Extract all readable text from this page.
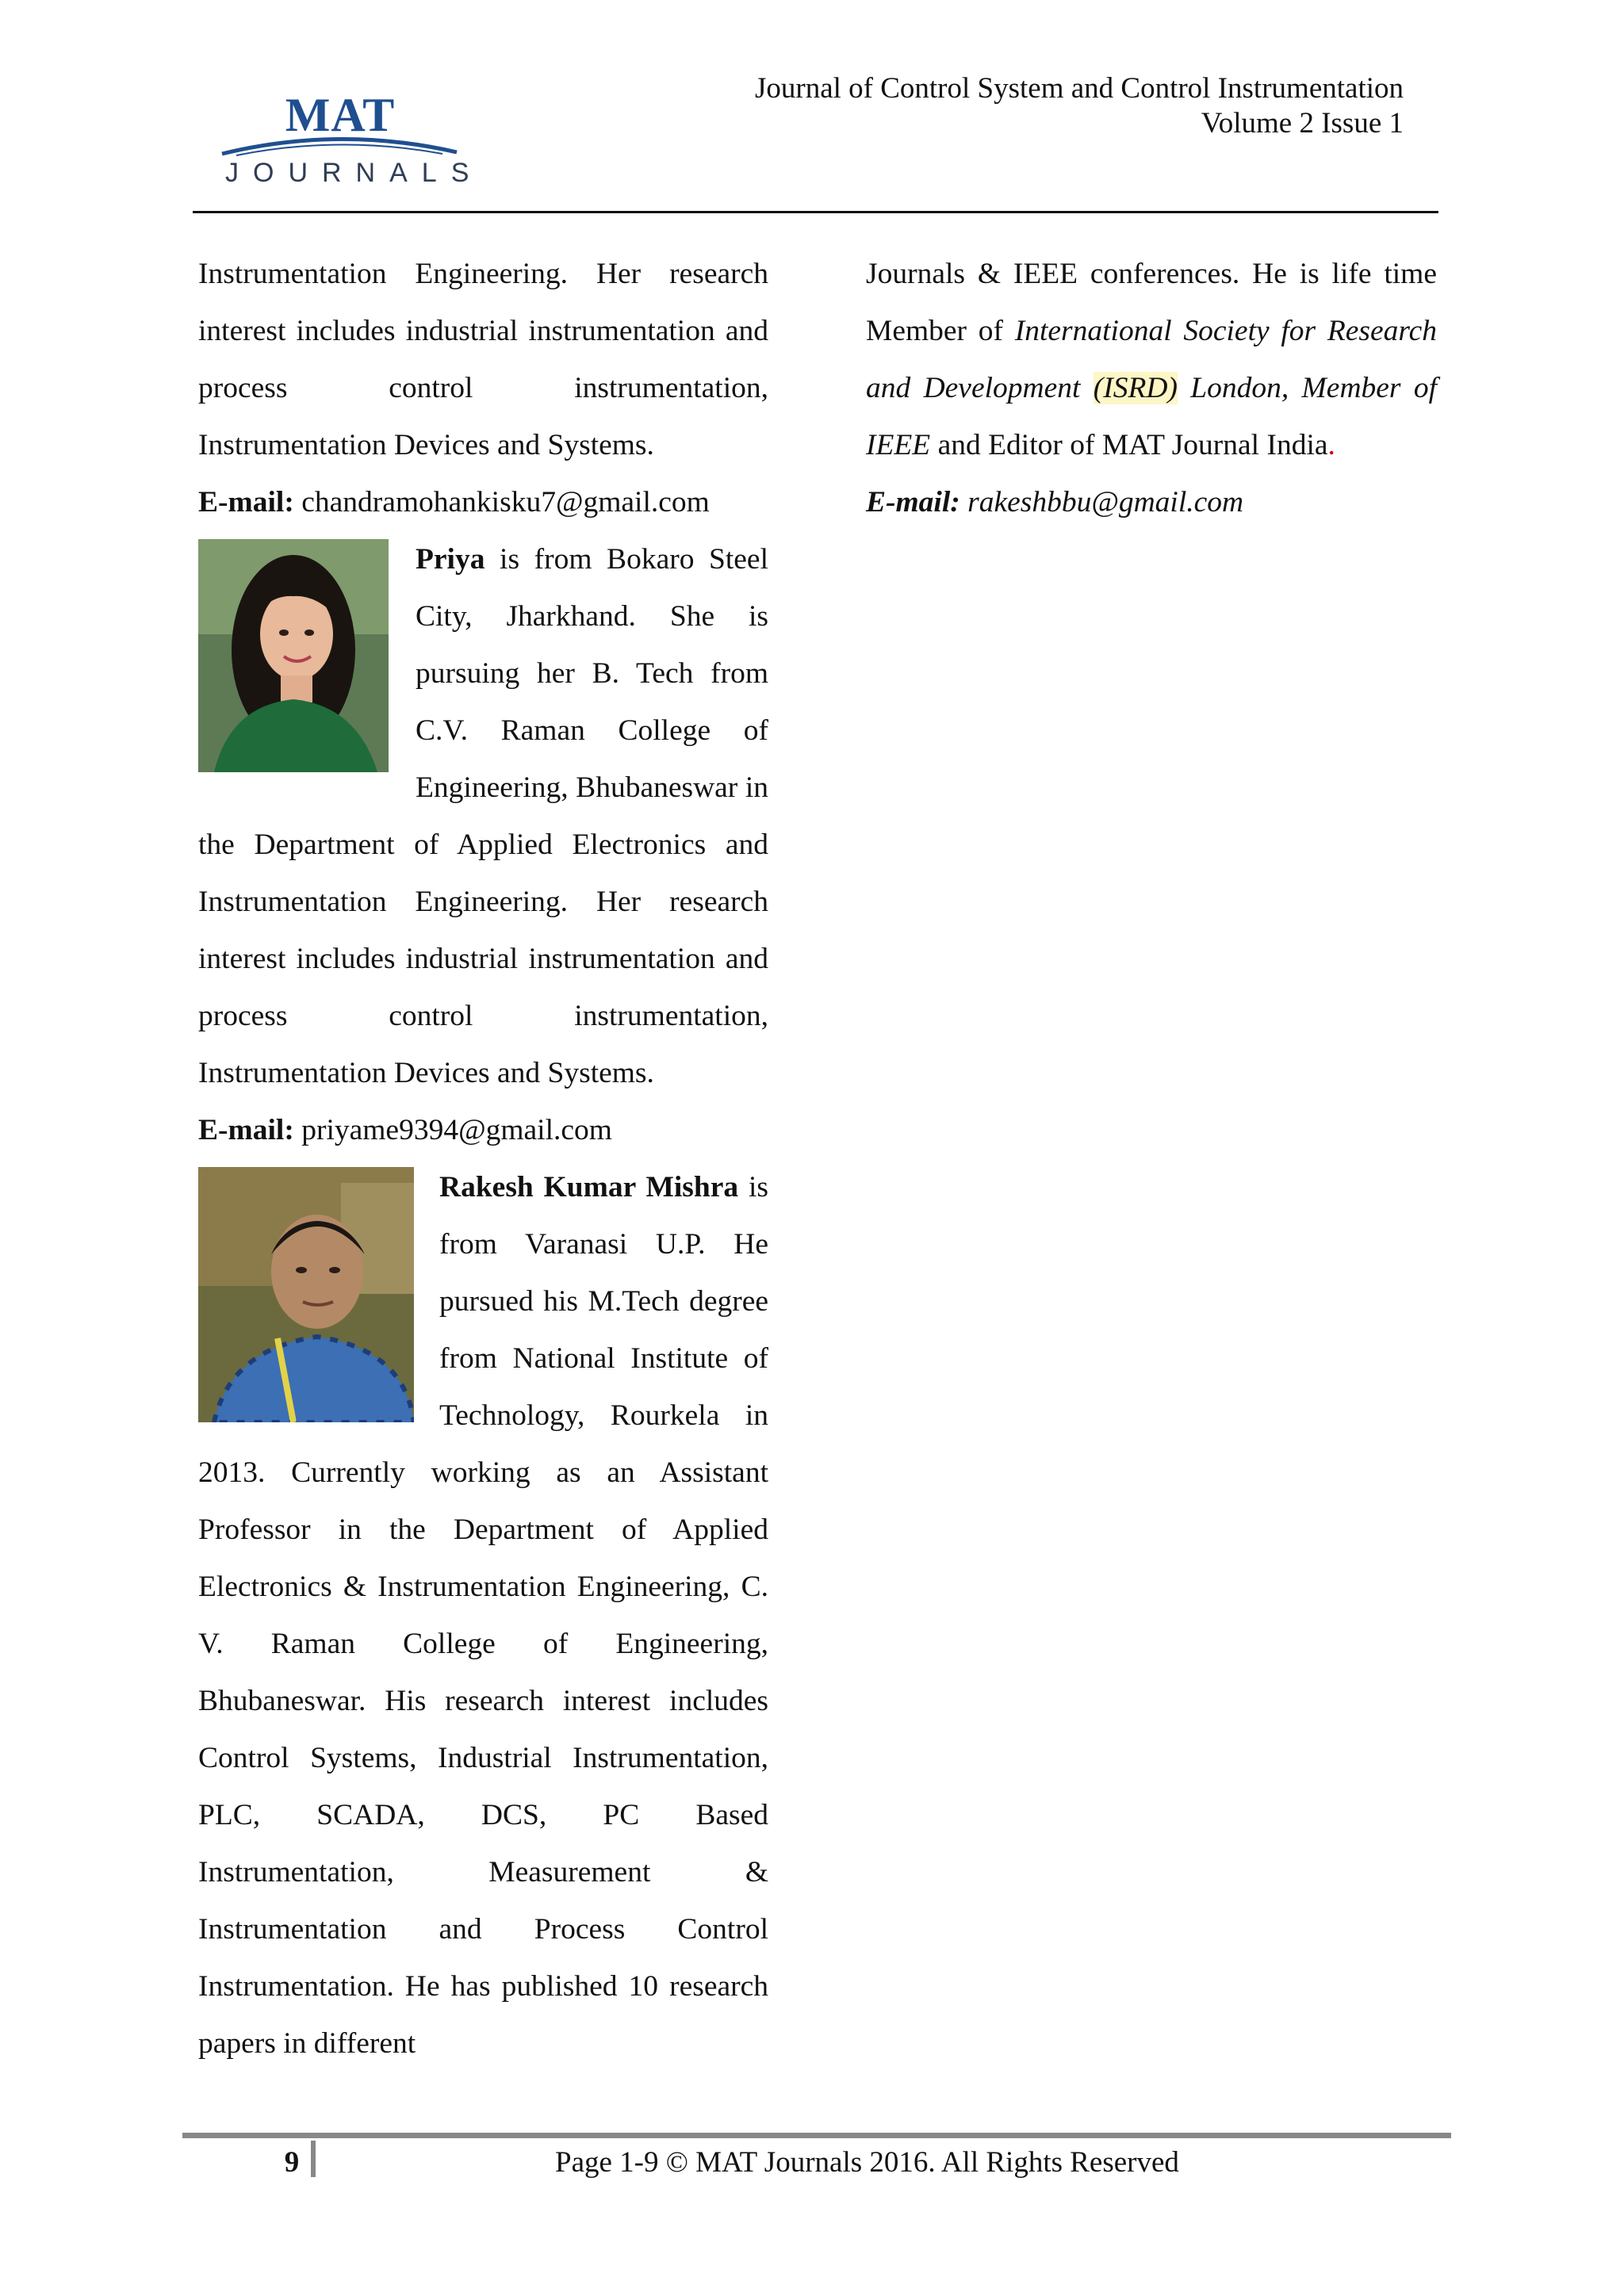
MAT
JOURNALS
Journal of Control System and Control Instrumentation
Volume 2 Issue 1

Instrumentation Engineering. Her research interest includes industrial instrumentation and process control instrumentation, Instrumentation Devices and Systems.

E-mail: chandramohankisku7@gmail.com

Priya is from Bokaro Steel City, Jharkhand. She is pursuing her B. Tech from C.V. Raman College of Engineering, Bhubaneswar in the Department of Applied Electronics and Instrumentation Engineering. Her research interest includes industrial instrumentation and process control instrumentation, Instrumentation Devices and Systems.

E-mail: priyame9394@gmail.com

Rakesh Kumar Mishra is from Varanasi U.P. He pursued his M.Tech degree from National Institute of Technology, Rourkela in 2013. Currently working as an Assistant Professor in the Department of Applied Electronics & Instrumentation Engineering, C. V. Raman College of Engineering, Bhubaneswar. His research interest includes Control Systems, Industrial Instrumentation, PLC, SCADA, DCS, PC Based Instrumentation, Measurement & Instrumentation and Process Control Instrumentation. He has published 10 research papers in different

Journals & IEEE conferences. He is life time Member of International Society for Research and Development (ISRD) London, Member of IEEE and Editor of MAT Journal India.

E-mail: rakeshbbu@gmail.com

9	Page 1-9 © MAT Journals 2016. All Rights Reserved
